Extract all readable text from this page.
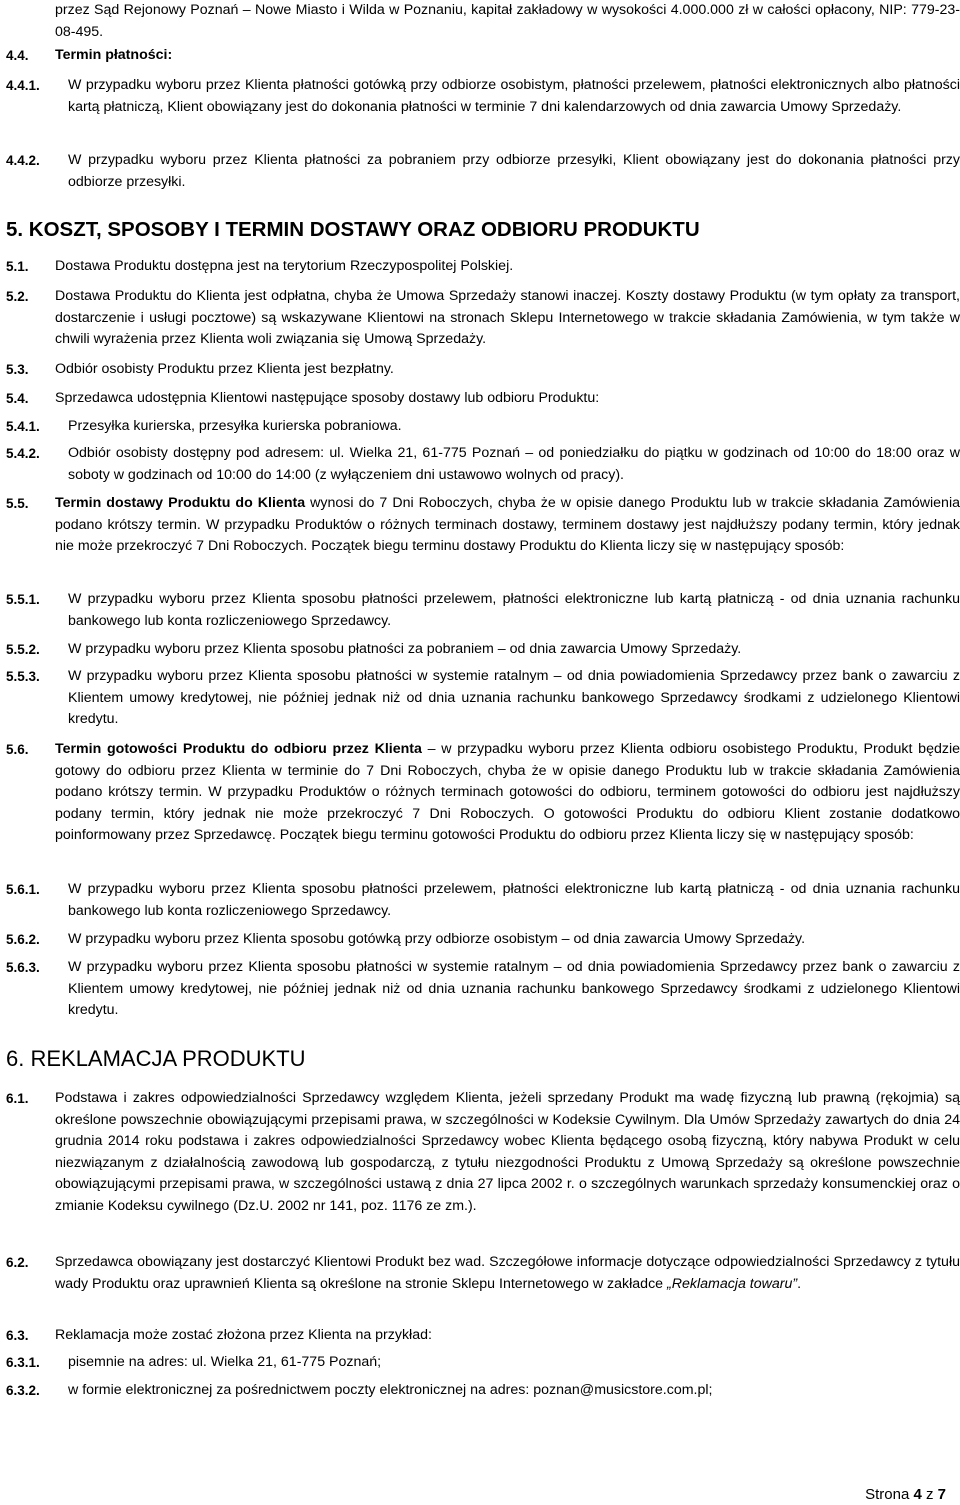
przez Sąd Rejonowy Poznań – Nowe Miasto i Wilda w Poznaniu, kapitał zakładowy w wysokości 4.000.000 zł w całości opłacony, NIP: 779-23-08-495.
4.4. Termin płatności:
4.4.1. W przypadku wyboru przez Klienta płatności gotówką przy odbiorze osobistym, płatności przelewem, płatności elektronicznych albo płatności kartą płatniczą, Klient obowiązany jest do dokonania płatności w terminie 7 dni kalendarzowych od dnia zawarcia Umowy Sprzedaży.
4.4.2. W przypadku wyboru przez Klienta płatności za pobraniem przy odbiorze przesyłki, Klient obowiązany jest do dokonania płatności przy odbiorze przesyłki.
5. KOSZT, SPOSOBY I TERMIN DOSTAWY ORAZ ODBIORU PRODUKTU
5.1. Dostawa Produktu dostępna jest na terytorium Rzeczypospolitej Polskiej.
5.2. Dostawa Produktu do Klienta jest odpłatna, chyba że Umowa Sprzedaży stanowi inaczej. Koszty dostawy Produktu (w tym opłaty za transport, dostarczenie i usługi pocztowe) są wskazywane Klientowi na stronach Sklepu Internetowego w trakcie składania Zamówienia, w tym także w chwili wyrażenia przez Klienta woli związania się Umową Sprzedaży.
5.3. Odbiór osobisty Produktu przez Klienta jest bezpłatny.
5.4. Sprzedawca udostępnia Klientowi następujące sposoby dostawy lub odbioru Produktu:
5.4.1. Przesyłka kurierska, przesyłka kurierska pobraniowa.
5.4.2. Odbiór osobisty dostępny pod adresem: ul. Wielka 21, 61-775 Poznań – od poniedziałku do piątku w godzinach od 10:00 do 18:00 oraz w soboty w godzinach od 10:00 do 14:00 (z wyłączeniem dni ustawowo wolnych od pracy).
5.5. Termin dostawy Produktu do Klienta wynosi do 7 Dni Roboczych, chyba że w opisie danego Produktu lub w trakcie składania Zamówienia podano krótszy termin. W przypadku Produktów o różnych terminach dostawy, terminem dostawy jest najdłuższy podany termin, który jednak nie może przekroczyć 7 Dni Roboczych. Początek biegu terminu dostawy Produktu do Klienta liczy się w następujący sposób:
5.5.1. W przypadku wyboru przez Klienta sposobu płatności przelewem, płatności elektroniczne lub kartą płatniczą - od dnia uznania rachunku bankowego lub konta rozliczeniowego Sprzedawcy.
5.5.2. W przypadku wyboru przez Klienta sposobu płatności za pobraniem – od dnia zawarcia Umowy Sprzedaży.
5.5.3. W przypadku wyboru przez Klienta sposobu płatności w systemie ratalnym – od dnia powiadomienia Sprzedawcy przez bank o zawarciu z Klientem umowy kredytowej, nie później jednak niż od dnia uznania rachunku bankowego Sprzedawcy środkami z udzielonego Klientowi kredytu.
5.6. Termin gotowości Produktu do odbioru przez Klienta – w przypadku wyboru przez Klienta odbioru osobistego Produktu, Produkt będzie gotowy do odbioru przez Klienta w terminie do 7 Dni Roboczych, chyba że w opisie danego Produktu lub w trakcie składania Zamówienia podano krótszy termin. W przypadku Produktów o różnych terminach gotowości do odbioru, terminem gotowości do odbioru jest najdłuższy podany termin, który jednak nie może przekroczyć 7 Dni Roboczych. O gotowości Produktu do odbioru Klient zostanie dodatkowo poinformowany przez Sprzedawcę. Początek biegu terminu gotowości Produktu do odbioru przez Klienta liczy się w następujący sposób:
5.6.1. W przypadku wyboru przez Klienta sposobu płatności przelewem, płatności elektroniczne lub kartą płatniczą - od dnia uznania rachunku bankowego lub konta rozliczeniowego Sprzedawcy.
5.6.2. W przypadku wyboru przez Klienta sposobu gotówką przy odbiorze osobistym – od dnia zawarcia Umowy Sprzedaży.
5.6.3. W przypadku wyboru przez Klienta sposobu płatności w systemie ratalnym – od dnia powiadomienia Sprzedawcy przez bank o zawarciu z Klientem umowy kredytowej, nie później jednak niż od dnia uznania rachunku bankowego Sprzedawcy środkami z udzielonego Klientowi kredytu.
6. REKLAMACJA PRODUKTU
6.1. Podstawa i zakres odpowiedzialności Sprzedawcy względem Klienta, jeżeli sprzedany Produkt ma wadę fizyczną lub prawną (rękojmia) są określone powszechnie obowiązującymi przepisami prawa, w szczególności w Kodeksie Cywilnym. Dla Umów Sprzedaży zawartych do dnia 24 grudnia 2014 roku podstawa i zakres odpowiedzialności Sprzedawcy wobec Klienta będącego osobą fizyczną, który nabywa Produkt w celu niezwiązanym z działalnością zawodową lub gospodarczą, z tytułu niezgodności Produktu z Umową Sprzedaży są określone powszechnie obowiązującymi przepisami prawa, w szczególności ustawą z dnia 27 lipca 2002 r. o szczególnych warunkach sprzedaży konsumenckiej oraz o zmianie Kodeksu cywilnego (Dz.U. 2002 nr 141, poz. 1176 ze zm.).
6.2. Sprzedawca obowiązany jest dostarczyć Klientowi Produkt bez wad. Szczegółowe informacje dotyczące odpowiedzialności Sprzedawcy z tytułu wady Produktu oraz uprawnień Klienta są określone na stronie Sklepu Internetowego w zakładce „Reklamacja towaru”.
6.3. Reklamacja może zostać złożona przez Klienta na przykład:
6.3.1. pisemnie na adres: ul. Wielka 21, 61-775 Poznań;
6.3.2. w formie elektronicznej za pośrednictwem poczty elektronicznej na adres: poznan@musicstore.com.pl;
Strona 4 z 7
